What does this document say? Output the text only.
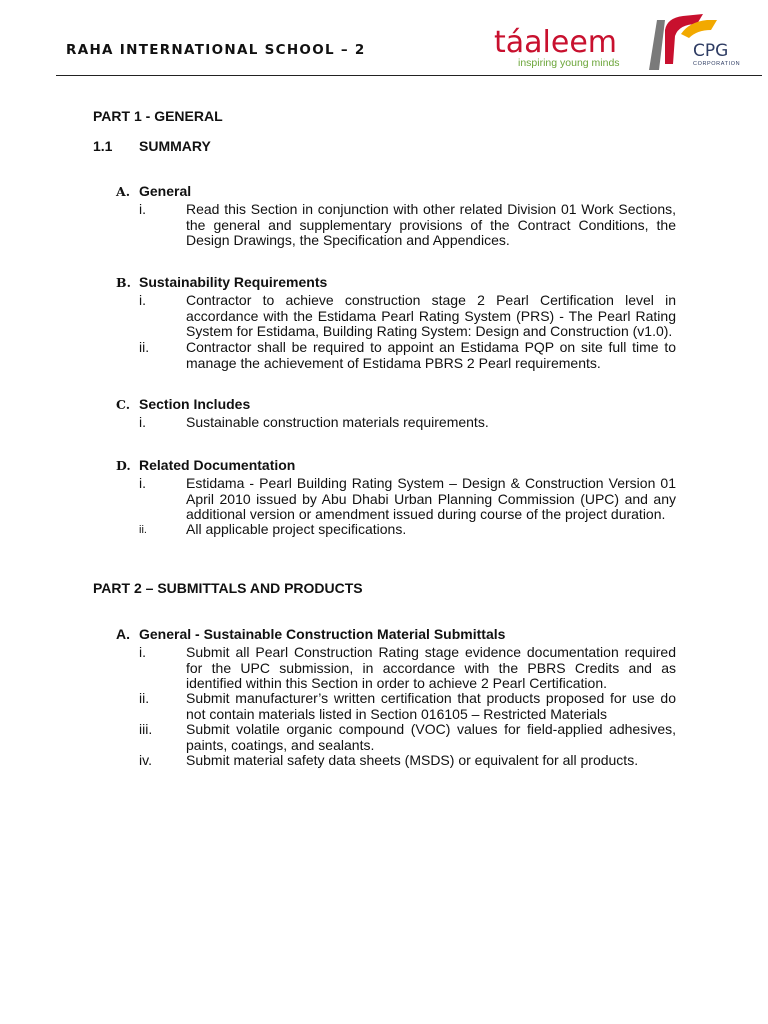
RAHA INTERNATIONAL SCHOOL – 2	táaleem
inspiring young minds
CPG
CORPORATION
PART 1 - GENERAL
1.1 SUMMARY
A. General
i.	Read this Section in conjunction with other related Division 01 Work Sections, the general and supplementary provisions of the Contract Conditions, the Design Drawings, the Specification and Appendices.
B. Sustainability Requirements
i.	Contractor to achieve construction stage 2 Pearl Certification level in accordance with the Estidama Pearl Rating System (PRS) - The Pearl Rating System for Estidama, Building Rating System: Design and Construction (v1.0).
ii.	Contractor shall be required to appoint an Estidama PQP on site full time to manage the achievement of Estidama PBRS 2 Pearl requirements.
C. Section Includes
i.	Sustainable construction materials requirements.
D. Related Documentation
i.	Estidama - Pearl Building Rating System – Design & Construction Version 01 April 2010 issued by Abu Dhabi Urban Planning Commission (UPC) and any additional version or amendment issued during course of the project duration.
ii.	All applicable project specifications.
PART 2 – SUBMITTALS AND PRODUCTS
A. General - Sustainable Construction Material Submittals
i.	Submit all Pearl Construction Rating stage evidence documentation required for the UPC submission, in accordance with the PBRS Credits and as identified within this Section in order to achieve 2 Pearl Certification.
ii.	Submit manufacturer’s written certification that products proposed for use do not contain materials listed in Section 016105 – Restricted Materials
iii.	Submit volatile organic compound (VOC) values for field-applied adhesives, paints, coatings, and sealants.
iv.	Submit material safety data sheets (MSDS) or equivalent for all products.
